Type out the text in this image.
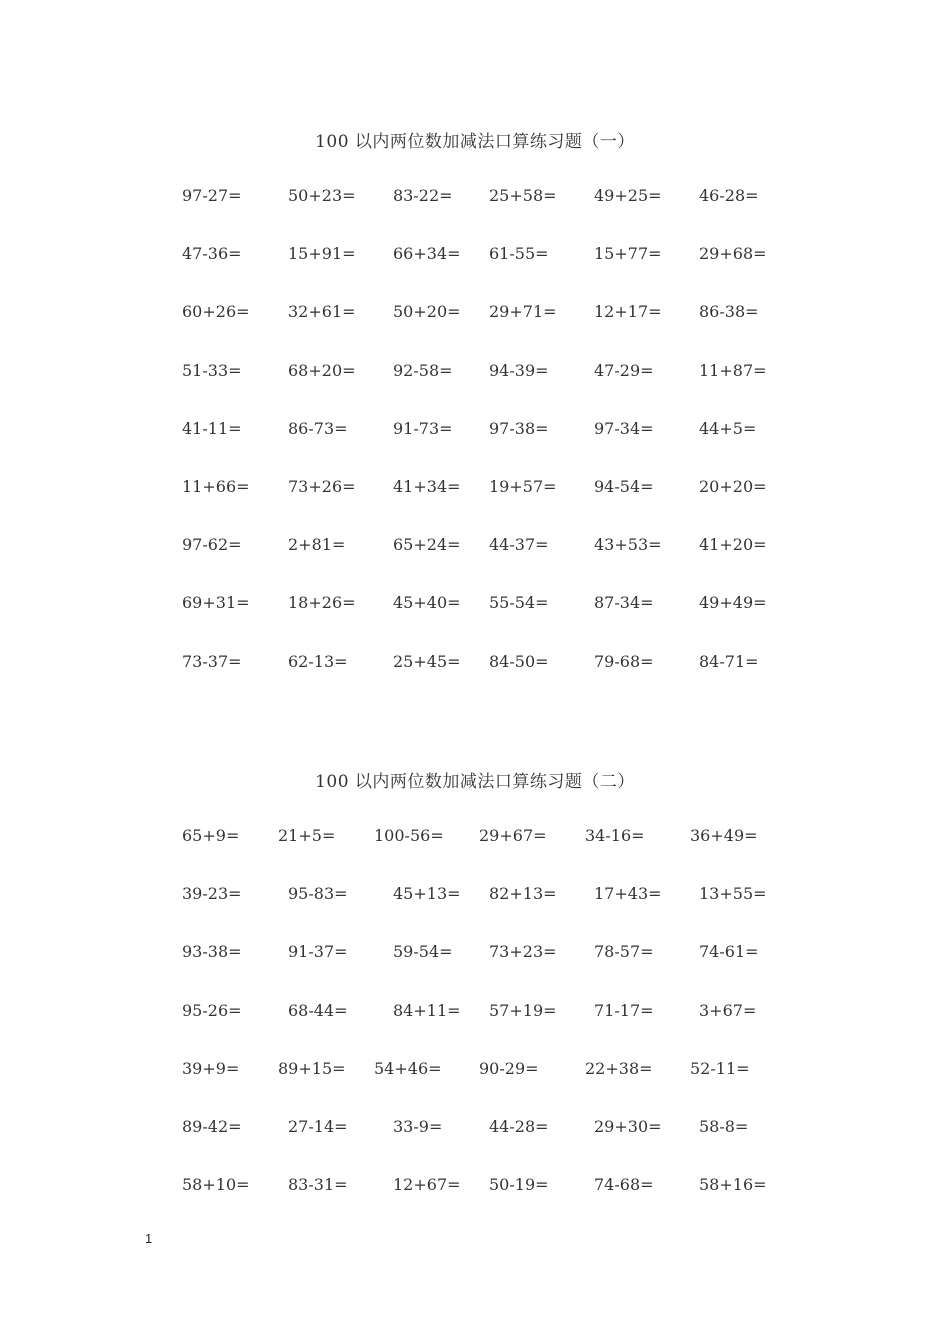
100 以内两位数加减法口算练习题（一）
97-27=	50+23= 83-22= 25+58= 49+25= 46-28=
47-36=	15+91= 66+34= 61-55=	15+77= 29+68=
60+26= 32+61= 50+20= 29+71= 12+17= 86-38=
51-33=	68+20= 92-58= 94-39=	47-29=	11+87=
41-11=	86-73=	91-73= 97-38=	97-34=	44+5=
11+66= 73+26= 41+34= 19+57= 94-54=	20+20=
97-62=	2+81=	65+24= 44-37=	43+53= 41+20=
69+31= 18+26= 45+40= 55-54=	87-34=	49+49=
73-37=	62-13=	25+45= 84-50=	79-68=	84-71=
100 以内两位数加减法口算练习题（二）
65+9= 21+5= 100-56= 29+67= 34-16=	36+49=
39-23=	95-83=	45+13= 82+13= 17+43= 13+55=
93-38=	91-37=	59-54= 73+23= 78-57=	74-61=
95-26=	68-44=	84+11= 57+19= 71-17=	3+67=
39+9= 89+15= 54+46= 90-29=	22+38= 52-11=
89-42=	27-14=	33-9=	44-28=	29+30= 58-8=
58+10= 83-31=	12+67= 50-19=	74-68=	58+16=
1
